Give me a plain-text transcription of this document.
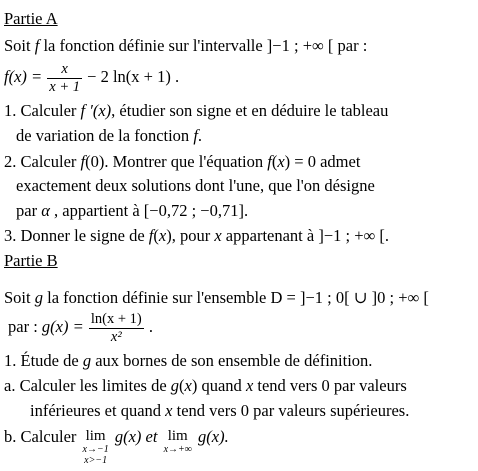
Partie A
Soit f la fonction définie sur l'intervalle ]−1 ; +∞ [ par :
$f(x) = \frac{x}{x + 1} - 2$ ln(x + 1) .
1. Calculer f ′(x), étudier son signe et en déduire le tableau
de variation de la fonction f.
2. Calculer f(0). Montrer que l'équation f(x) = 0 admet
exactement deux solutions dont l'une, que l'on désigne
par α , appartient à [−0,72 ; −0,71].
3. Donner le signe de f(x), pour x appartenant à ]−1 ; +∞ [.
Partie B
Soit g la fonction définie sur l'ensemble D = ]−1 ; 0[ ∪ ]0 ; +∞ [
par : $g(x) = \frac{\ln(x + 1)}{\text{x²}}$ .
1. Étude de g aux bornes de son ensemble de définition.
a. Calculer les limites de g(x) quand x tend vers 0 par valeurs
inférieures et quand x tend vers 0 par valeurs supérieures.
b. Calculer lim
x→−1
x>−1
g(x) et lim
x→+∞
g(x).
